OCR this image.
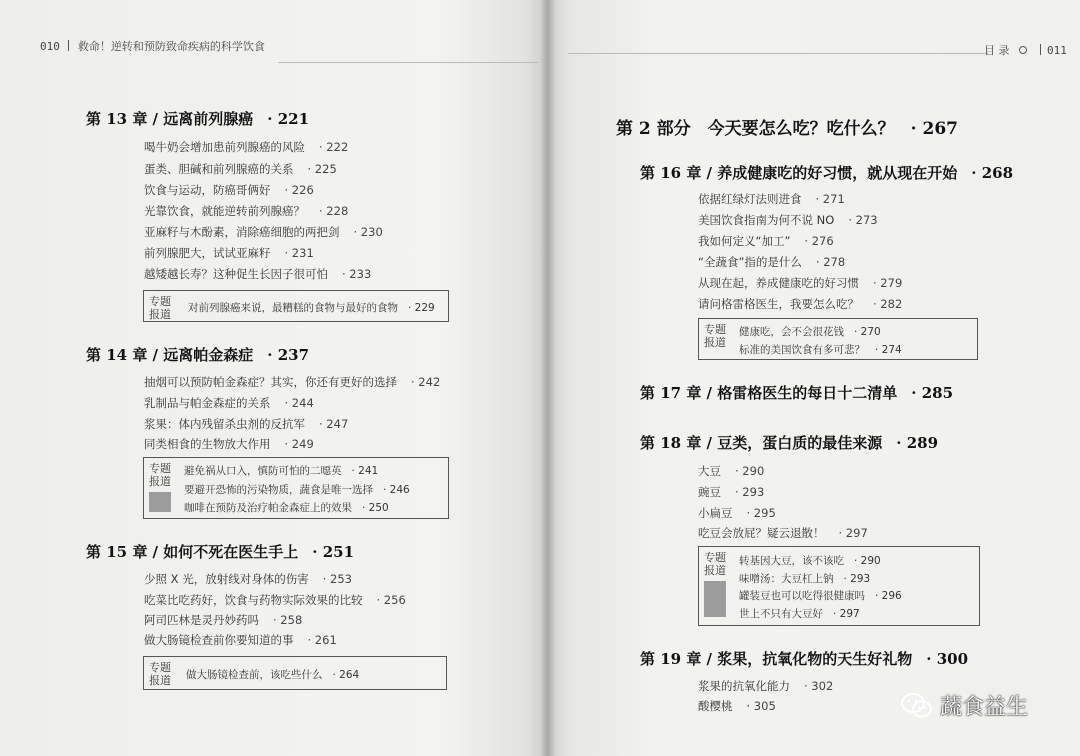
010 救命！逆转和预防致命疾病的科学饮食
第 13 章 / 远离前列腺癌 · 221
喝牛奶会增加患前列腺癌的风险 · 222
蛋类、胆碱和前列腺癌的关系 · 225
饮食与运动，防癌哥俩好 · 226
光靠饮食，就能逆转前列腺癌？ · 228
亚麻籽与木酚素，消除癌细胞的两把剑 · 230
前列腺肥大，试试亚麻籽 · 231
越矮越长寿？这种促生长因子很可怕 · 233
专题报道	对前列腺癌来说，最糟糕的食物与最好的食物 · 229
第 14 章 / 远离帕金森症 · 237
抽烟可以预防帕金森症？其实，你还有更好的选择 · 242
乳制品与帕金森症的关系 · 244
浆果：体内残留杀虫剂的反抗军 · 247
同类相食的生物放大作用 · 249
专题报道
避免祸从口入，慎防可怕的二噁英 · 241
要避开恐怖的污染物质，蔬食是唯一选择 · 246
咖啡在预防及治疗帕金森症上的效果 · 250
第 15 章 / 如何不死在医生手上 · 251
少照 X 光，放射线对身体的伤害 · 253
吃菜比吃药好，饮食与药物实际效果的比较 · 256
阿司匹林是灵丹妙药吗 · 258
做大肠镜检查前你要知道的事 · 261
专题报道	做大肠镜检查前，该吃些什么 · 264
目 录	011
第 2 部分　今天要怎么吃？吃什么？ · 267
第 16 章 / 养成健康吃的好习惯，就从现在开始 · 268
依据红绿灯法则进食 · 271
美国饮食指南为何不说 NO · 273
我如何定义“加工” · 276
“全蔬食”指的是什么 · 278
从现在起，养成健康吃的好习惯 · 279
请问格雷格医生，我要怎么吃？ · 282
专题报道
健康吃，会不会很花钱 · 270
标准的美国饮食有多可悲？ · 274
第 17 章 / 格雷格医生的每日十二清单 · 285
第 18 章 / 豆类，蛋白质的最佳来源 · 289
大豆 · 290
豌豆 · 293
小扁豆 · 295
吃豆会放屁？疑云退散！ · 297
专题报道
转基因大豆，该不该吃 · 290
味噌汤：大豆杠上钠 · 293
罐装豆也可以吃得很健康吗 · 296
世上不只有大豆好 · 297
第 19 章 / 浆果，抗氧化物的天生好礼物 · 300
浆果的抗氧化能力 · 302
酸樱桃 · 305	蔬食益生
